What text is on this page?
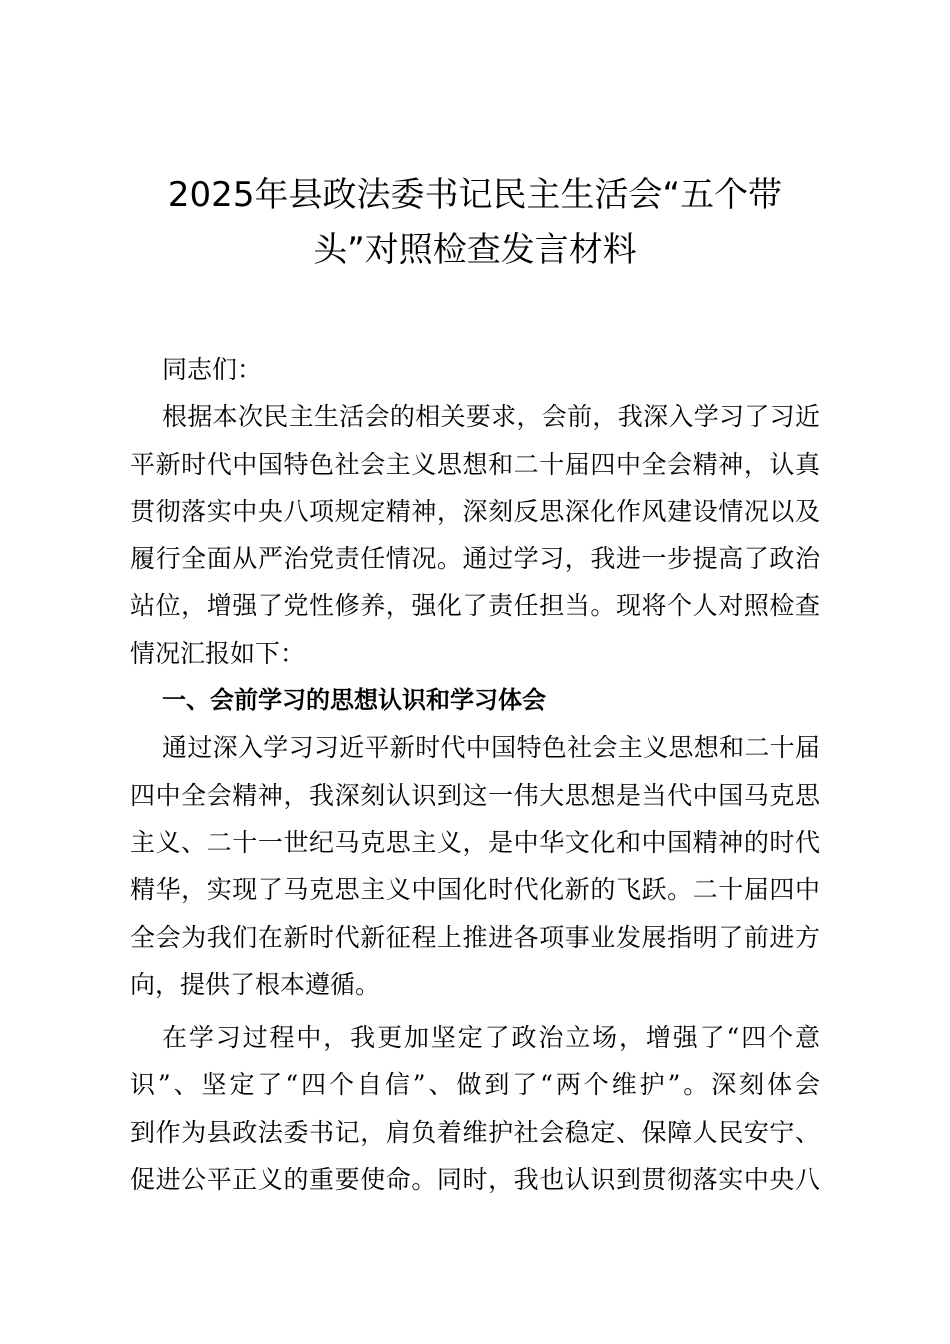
2025年县政法委书记民主生活会“五个带
头”对照检查发言材料
同志们：
根据本次民主生活会的相关要求，会前，我深入学习了习近
平新时代中国特色社会主义思想和二十届四中全会精神，认真
贯彻落实中央八项规定精神，深刻反思深化作风建设情况以及
履行全面从严治党责任情况。通过学习，我进一步提高了政治
站位，增强了党性修养，强化了责任担当。现将个人对照检查
情况汇报如下：
一、会前学习的思想认识和学习体会
通过深入学习习近平新时代中国特色社会主义思想和二十届
四中全会精神，我深刻认识到这一伟大思想是当代中国马克思
主义、二十一世纪马克思主义，是中华文化和中国精神的时代
精华，实现了马克思主义中国化时代化新的飞跃。二十届四中
全会为我们在新时代新征程上推进各项事业发展指明了前进方
向，提供了根本遵循。
在学习过程中，我更加坚定了政治立场，增强了“四个意
识”、坚定了“四个自信”、做到了“两个维护”。深刻体会
到作为县政法委书记，肩负着维护社会稳定、保障人民安宁、
促进公平正义的重要使命。同时，我也认识到贯彻落实中央八
